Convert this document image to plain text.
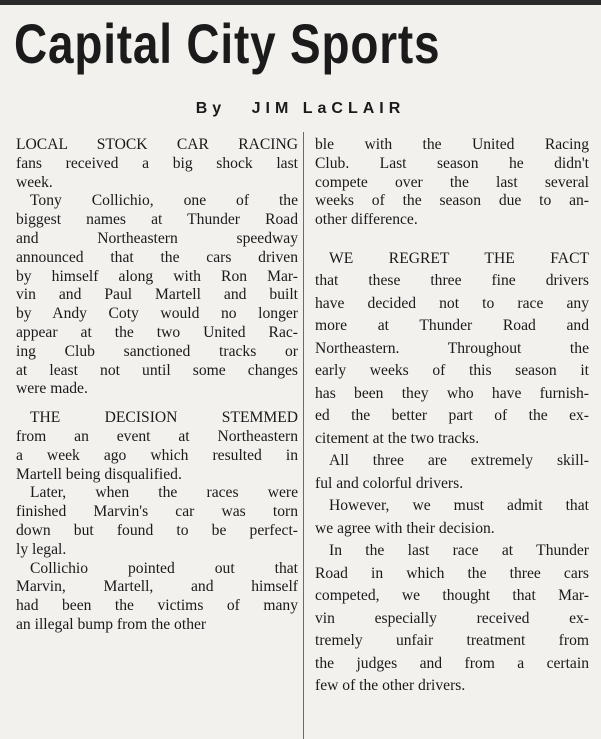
Capital City Sports
By JIM LaCLAIR
LOCAL STOCK CAR RACING
fans received a big shock last
week.
Tony Collichio, one of the
biggest names at Thunder Road
and Northeastern speedway
announced that the cars driven
by himself along with Ron Mar-
vin and Paul Martell and built
by Andy Coty would no longer
appear at the two United Rac-
ing Club sanctioned tracks or
at least not until some changes
were made.
THE DECISION STEMMED
from an event at Northeastern
a week ago which resulted in
Martell being disqualified.
Later, when the races were
finished Marvin's car was torn
down but found to be perfect-
ly legal.
Collichio pointed out that
Marvin, Martell, and himself
had been the victims of many
an illegal bump from the other
ble with the United Racing
Club. Last season he didn't
compete over the last several
weeks of the season due to an-
other difference.
WE REGRET THE FACT
that these three fine drivers
have decided not to race any
more at Thunder Road and
Northeastern. Throughout the
early weeks of this season it
has been they who have furnish-
ed the better part of the ex-
citement at the two tracks.
All three are extremely skill-
ful and colorful drivers.
However, we must admit that
we agree with their decision.
In the last race at Thunder
Road in which the three cars
competed, we thought that Mar-
vin especially received ex-
tremely unfair treatment from
the judges and from a certain
few of the other drivers.
